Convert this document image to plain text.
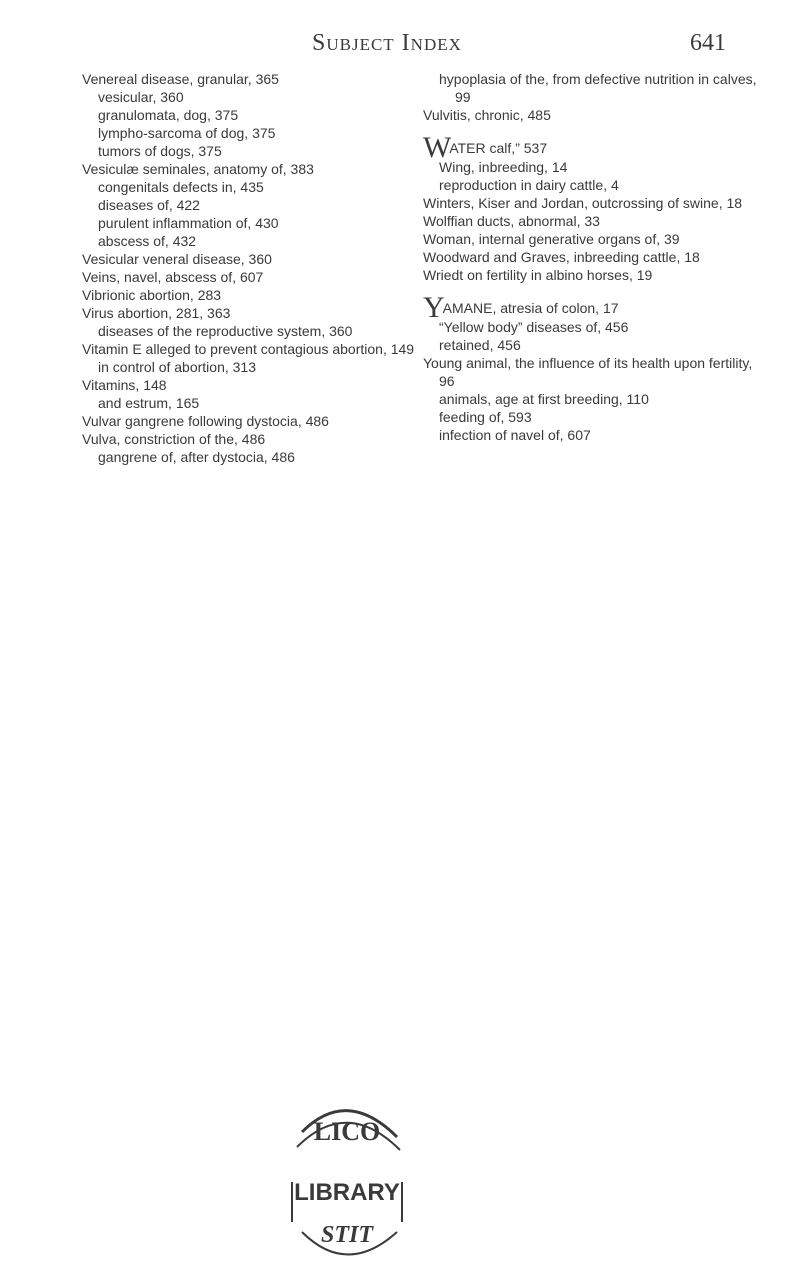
Subject Index	641

Venereal disease, granular, 365

vesicular, 360

granulomata, dog, 375

lympho-sarcoma of dog, 375

tumors of dogs, 375

Vesiculæ seminales, anatomy of, 383

congenitals defects in, 435

diseases of, 422

purulent inflammation of, 430

abscess of, 432

Vesicular veneral disease, 360

Veins, navel, abscess of, 607

Vibrionic abortion, 283

Virus abortion, 281, 363

diseases of the reproductive system, 360

Vitamin E alleged to prevent contagious abortion, 149

in control of abortion, 313

Vitamins, 148

and estrum, 165

Vulvar gangrene following dystocia, 486

Vulva, constriction of the, 486

gangrene of, after dystocia, 486

hypoplasia of the, from defective nutrition in calves, 99

Vulvitis, chronic, 485

WATER calf,” 537

Wing, inbreeding, 14

reproduction in dairy cattle, 4

Winters, Kiser and Jordan, outcrossing of swine, 18

Wolffian ducts, abnormal, 33

Woman, internal generative organs of, 39

Woodward and Graves, inbreeding cattle, 18

Wriedt on fertility in albino horses, 19

YAMANE, atresia of colon, 17

“Yellow body” diseases of, 456

retained, 456

Young animal, the influence of its health upon fertility, 96

animals, age at first breeding, 110

feeding of, 593

infection of navel of, 607

LICO
LIBRARY
STIT
